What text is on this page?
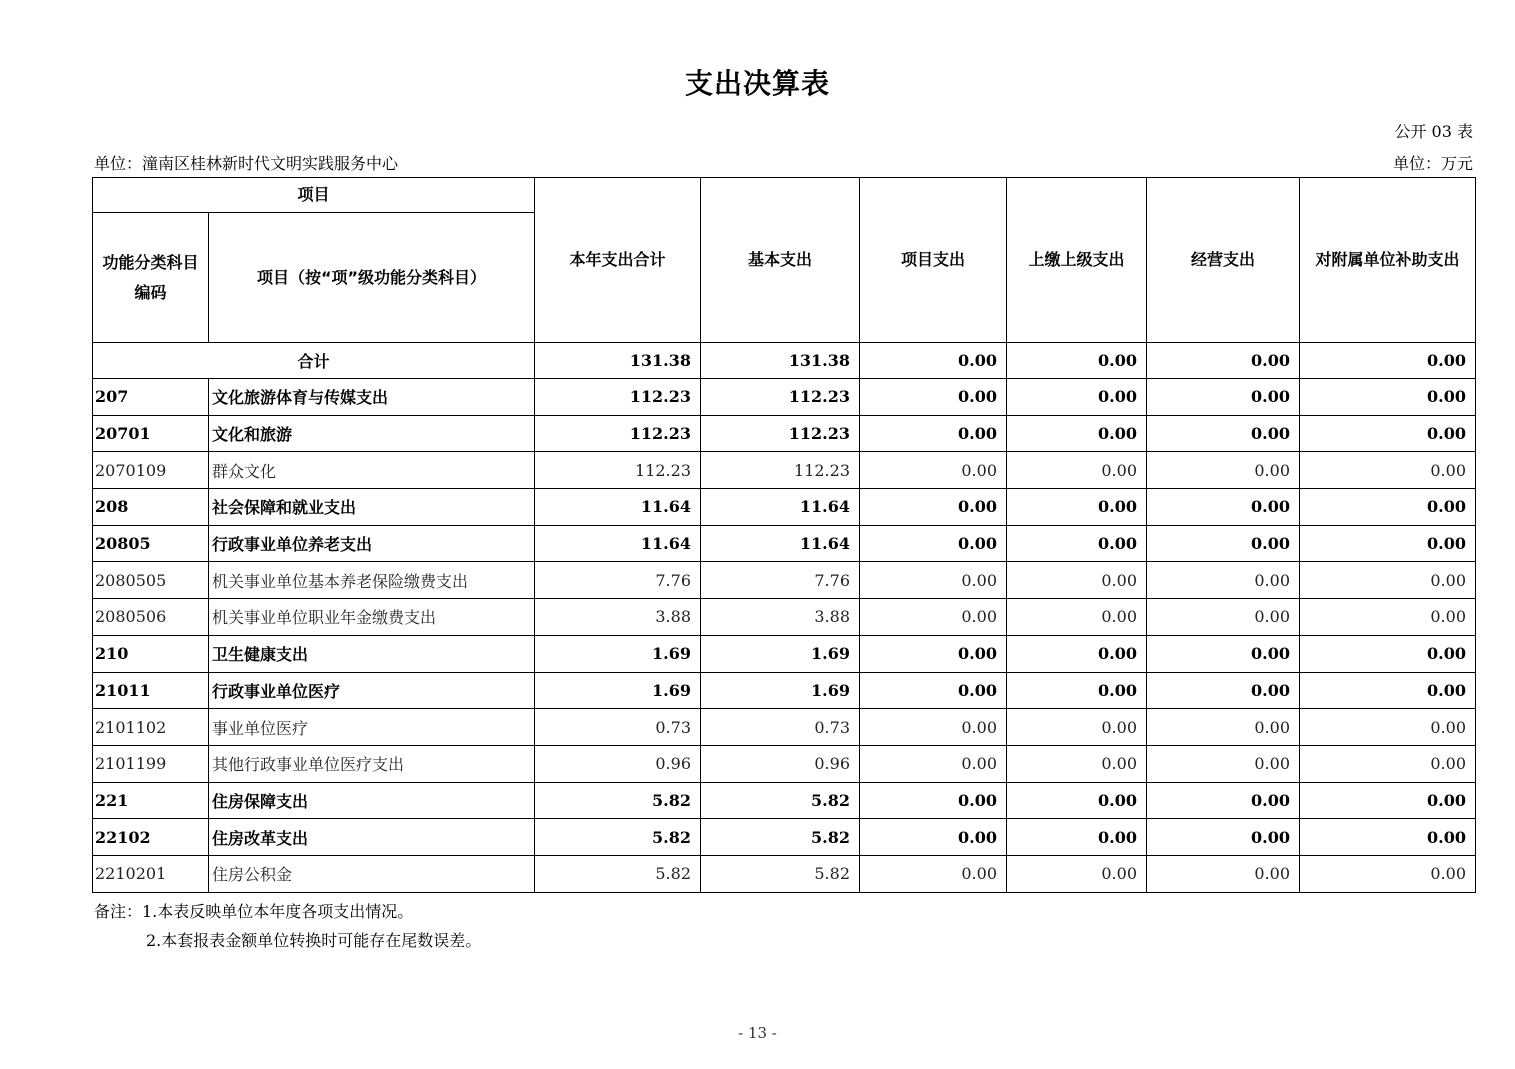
支出决算表
公开 03 表
单位：潼南区桂林新时代文明实践服务中心	单位：万元
项目		本年支出合计	基本支出	项目支出	上缴上级支出	经营支出	对附属单位补助支出
功能分类科目编码	项目（按“项”级功能分类科目）						
合计		131.38	131.38	0.00	0.00	0.00	0.00
207	文化旅游体育与传媒支出	112.23	112.23	0.00	0.00	0.00	0.00
20701	文化和旅游	112.23	112.23	0.00	0.00	0.00	0.00
2070109	群众文化	112.23	112.23	0.00	0.00	0.00	0.00
208	社会保障和就业支出	11.64	11.64	0.00	0.00	0.00	0.00
20805	行政事业单位养老支出	11.64	11.64	0.00	0.00	0.00	0.00
2080505	机关事业单位基本养老保险缴费支出	7.76	7.76	0.00	0.00	0.00	0.00
2080506	机关事业单位职业年金缴费支出	3.88	3.88	0.00	0.00	0.00	0.00
210	卫生健康支出	1.69	1.69	0.00	0.00	0.00	0.00
21011	行政事业单位医疗	1.69	1.69	0.00	0.00	0.00	0.00
2101102	事业单位医疗	0.73	0.73	0.00	0.00	0.00	0.00
2101199	其他行政事业单位医疗支出	0.96	0.96	0.00	0.00	0.00	0.00
221	住房保障支出	5.82	5.82	0.00	0.00	0.00	0.00
22102	住房改革支出	5.82	5.82	0.00	0.00	0.00	0.00
2210201	住房公积金	5.82	5.82	0.00	0.00	0.00	0.00
备注：1.本表反映单位本年度各项支出情况。
2.本套报表金额单位转换时可能存在尾数误差。
- 13 -
